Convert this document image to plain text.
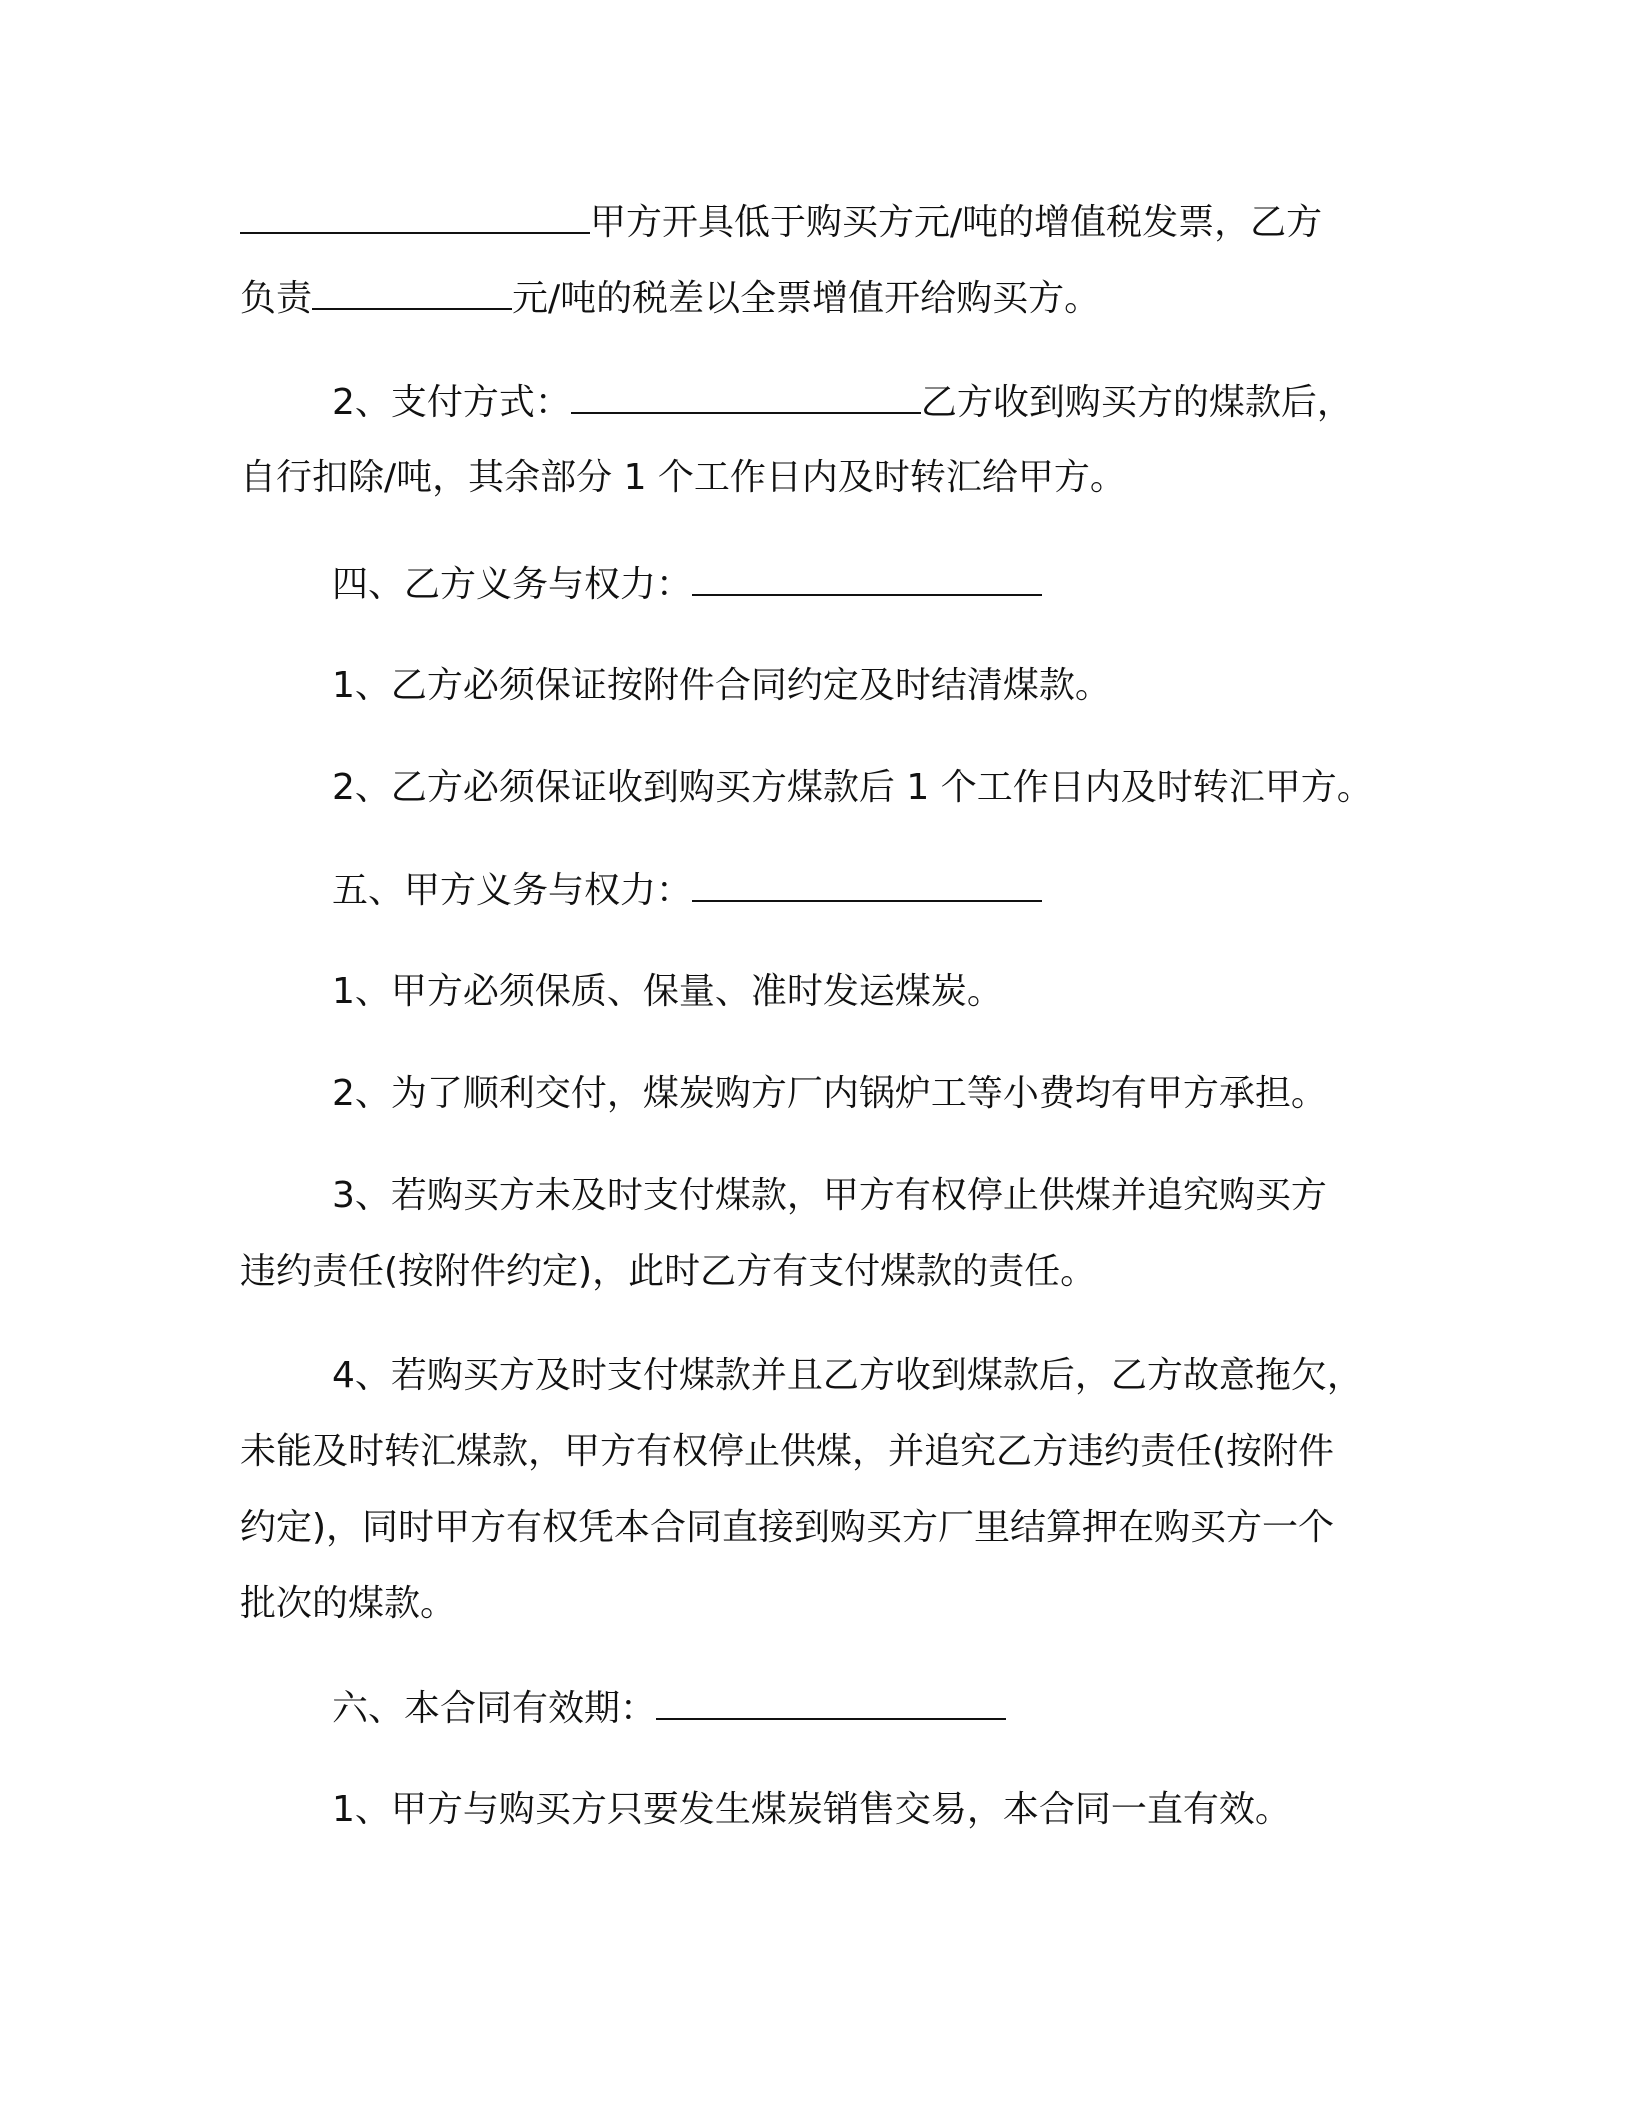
甲方开具低于购买方元/吨的增值税发票，乙方
负责	元/吨的税差以全票增值开给购买方。
2、支付方式：	乙方收到购买方的煤款后，
自行扣除/吨，其余部分 1 个工作日内及时转汇给甲方。
四、乙方义务与权力：
1、乙方必须保证按附件合同约定及时结清煤款。
2、乙方必须保证收到购买方煤款后 1 个工作日内及时转汇甲方。
五、甲方义务与权力：
1、甲方必须保质、保量、准时发运煤炭。
2、为了顺利交付，煤炭购方厂内锅炉工等小费均有甲方承担。
3、若购买方未及时支付煤款，甲方有权停止供煤并追究购买方
违约责任(按附件约定)，此时乙方有支付煤款的责任。
4、若购买方及时支付煤款并且乙方收到煤款后，乙方故意拖欠，
未能及时转汇煤款，甲方有权停止供煤，并追究乙方违约责任(按附件
约定)，同时甲方有权凭本合同直接到购买方厂里结算押在购买方一个
批次的煤款。
六、本合同有效期：
1、甲方与购买方只要发生煤炭销售交易，本合同一直有效。
